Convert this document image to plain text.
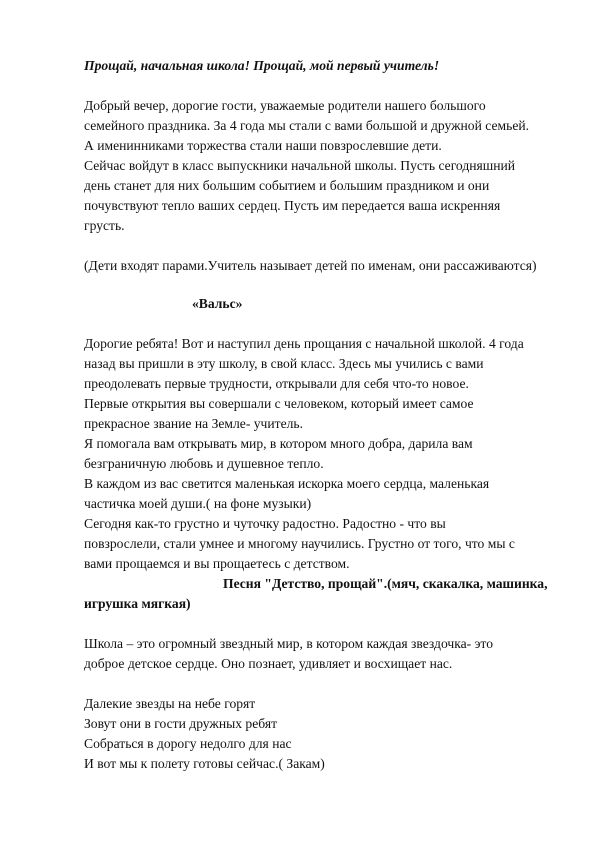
Прощай, начальная школа! Прощай, мой первый учитель!
Добрый вечер, дорогие гости, уважаемые родители нашего большого
семейного праздника. За 4 года мы стали с вами большой и дружной семьей.
А именинниками торжества стали наши повзрослевшие дети.
Сейчас войдут в класс выпускники начальной школы. Пусть сегодняшний
день станет для них большим событием и большим праздником и они
почувствуют тепло ваших сердец. Пусть им передается ваша искренняя
грусть.
(Дети входят парами.Учитель называет детей по именам, они рассаживаются)
«Вальс»
Дорогие ребята! Вот и наступил день прощания с начальной школой. 4 года
назад вы пришли в эту школу, в свой класс. Здесь мы учились с вами
преодолевать первые трудности, открывали для себя что-то новое.
Первые открытия вы совершали с человеком, который имеет самое
прекрасное звание на Земле- учитель.
Я помогала вам открывать мир, в котором много добра, дарила вам
безграничную любовь и душевное тепло.
В каждом из вас светится маленькая искорка моего сердца, маленькая
частичка моей души.( на фоне музыки)
Сегодня как-то грустно и чуточку радостно. Радостно - что вы
повзрослели, стали умнее и многому научились. Грустно от того, что мы с
вами прощаемся и вы прощаетесь с детством.
Песня "Детство, прощай".(мяч, скакалка, машинка,
игрушка мягкая)
Школа – это огромный звездный мир, в котором каждая звездочка- это
доброе детское сердце. Оно познает, удивляет и восхищает нас.
Далекие звезды на небе горят
Зовут они в гости дружных ребят
Собраться в дорогу недолго для нас
И вот мы к полету готовы сейчас.( Закам)
